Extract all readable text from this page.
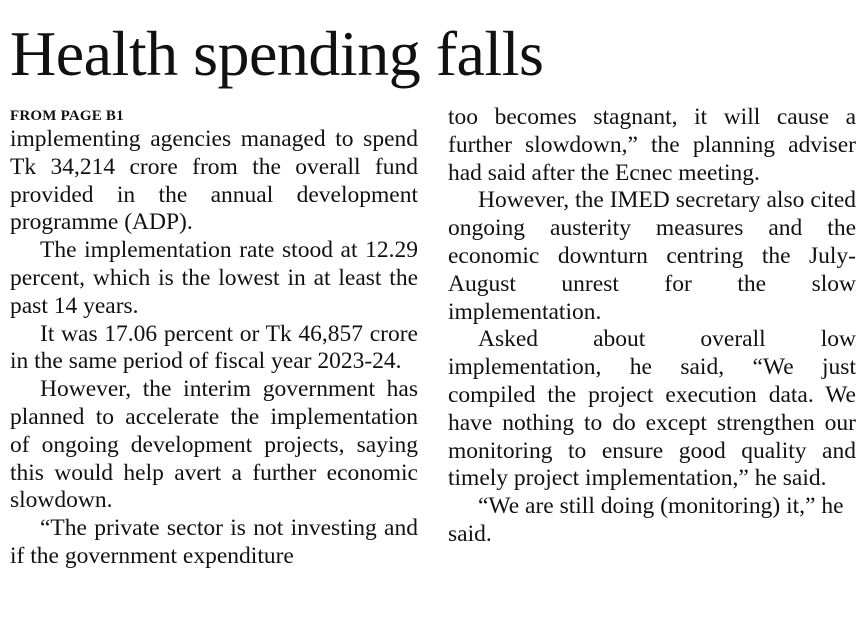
Health spending falls
FROM PAGE B1

implementing agencies managed to spend Tk 34,214 crore from the overall fund provided in the annual development programme (ADP).

The implementation rate stood at 12.29 percent, which is the lowest in at least the past 14 years.

It was 17.06 percent or Tk 46,857 crore in the same period of fiscal year 2023-24.

However, the interim government has planned to accelerate the implementation of ongoing development projects, saying this would help avert a further economic slowdown.

“The private sector is not investing and if the government expenditure

too becomes stagnant, it will cause a further slowdown,” the planning adviser had said after the Ecnec meeting.

However, the IMED secretary also cited ongoing austerity measures and the economic downturn centring the July-August unrest for the slow implementation.

Asked about overall low implementation, he said, “We just compiled the project execution data. We have nothing to do except strengthen our monitoring to ensure good quality and timely project implementation,” he said.

“We are still doing (monitoring) it,” he said.
